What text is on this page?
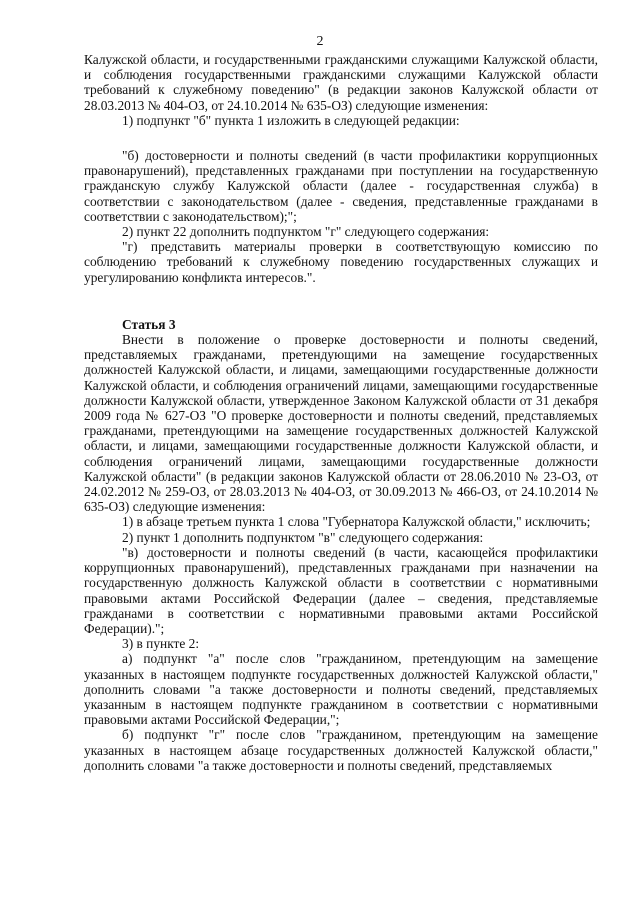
2

Калужской области, и государственными гражданскими служащими Калужской области, и соблюдения государственными гражданскими служащими Калужской области требований к служебному поведению" (в редакции законов Калужской области от 28.03.2013 № 404-ОЗ, от 24.10.2014 № 635-ОЗ) следующие изменения:

1) подпункт "б" пункта 1 изложить в следующей редакции:

"б) достоверности и полноты сведений (в части профилактики коррупционных правонарушений), представленных гражданами при поступлении на государственную гражданскую службу Калужской области (далее - государственная служба) в соответствии с законодательством (далее - сведения, представленные гражданами в соответствии с законодательством);";

2) пункт 22 дополнить подпунктом "г" следующего содержания:

"г) представить материалы проверки в соответствующую комиссию по соблюдению требований к служебному поведению государственных служащих и урегулированию конфликта интересов.".

Статья 3

Внести в положение о проверке достоверности и полноты сведений, представляемых гражданами, претендующими на замещение государственных должностей Калужской области, и лицами, замещающими государственные должности Калужской области, и соблюдения ограничений лицами, замещающими государственные должности Калужской области, утвержденное Законом Калужской области от 31 декабря 2009 года № 627-ОЗ "О проверке достоверности и полноты сведений, представляемых гражданами, претендующими на замещение государственных должностей Калужской области, и лицами, замещающими государственные должности Калужской области, и соблюдения ограничений лицами, замещающими государственные должности Калужской области" (в редакции законов Калужской области от 28.06.2010 № 23-ОЗ, от 24.02.2012 № 259-ОЗ, от 28.03.2013 № 404-ОЗ, от 30.09.2013 № 466-ОЗ, от 24.10.2014 № 635-ОЗ) следующие изменения:

1) в абзаце третьем пункта 1 слова "Губернатора Калужской области," исключить;

2) пункт 1 дополнить подпунктом "в" следующего содержания:

"в) достоверности и полноты сведений (в части, касающейся профилактики коррупционных правонарушений), представленных гражданами при назначении на государственную должность Калужской области в соответствии с нормативными правовыми актами Российской Федерации (далее – сведения, представляемые гражданами в соответствии с нормативными правовыми актами Российской Федерации).";

3) в пункте 2:

а) подпункт "а" после слов "гражданином, претендующим на замещение указанных в настоящем подпункте государственных должностей Калужской области," дополнить словами "а также достоверности и полноты сведений, представляемых указанным в настоящем подпункте гражданином в соответствии с нормативными правовыми актами Российской Федерации,";

б) подпункт "г" после слов "гражданином, претендующим на замещение указанных в настоящем абзаце государственных должностей Калужской области," дополнить словами "а также достоверности и полноты сведений, представляемых
